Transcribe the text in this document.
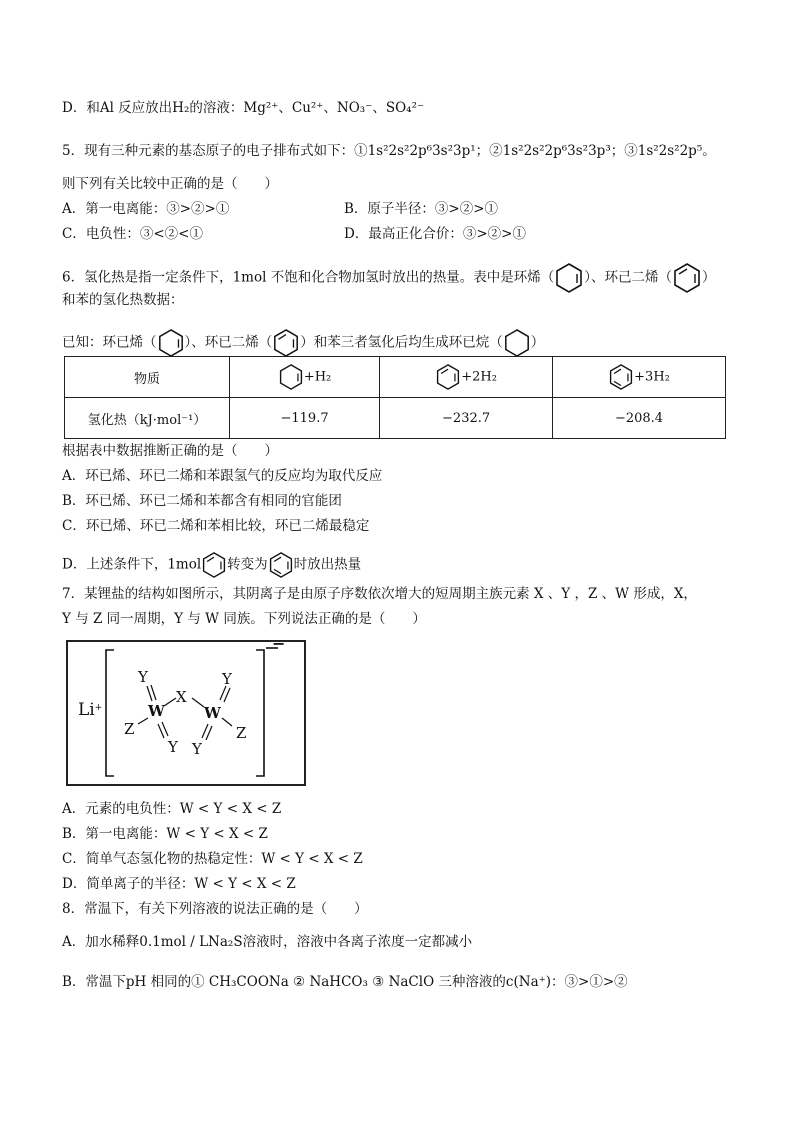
D．和Al 反应放出H₂的溶液：Mg²⁺、Cu²⁺、NO₃⁻、SO₄²⁻
5．现有三种元素的基态原子的电子排布式如下：①1s²2s²2p⁶3s²3p¹；②1s²2s²2p⁶3s²3p³；③1s²2s²2p⁵。
则下列有关比较中正确的是（　　）
A．第一电离能：③>②>①	B．原子半径：③>②>①
C．电负性：③<②<①	D．最高正化合价：③>②>①
6．氢化热是指一定条件下，1mol 不饱和化合物加氢时放出的热量。表中是环烯（ ）、环己二烯（ ）
和苯的氢化热数据：
已知：环已烯（ ）、环已二烯（ ）和苯三者氢化后均生成环已烷（ ）
物质	+H₂	+2H₂	+3H₂
氢化热（kJ·mol⁻¹）	−119.7	−232.7	−208.4
根据表中数据推断正确的是（　　）
A．环已烯、环已二烯和苯跟氢气的反应均为取代反应
B．环已烯、环已二烯和苯都含有相同的官能团
C．环已烯、环已二烯和苯相比较，环已二烯最稳定
D．上述条件下，1mol 转变为 时放出热量
7．某锂盐的结构如图所示，其阴离子是由原子序数依次增大的短周期主族元素 X 、Y ，Z 、W 形成，X，
Y 与 Z 同一周期，Y 与 W 同族。下列说法正确的是（　　）
Li+
−
Y
X
Y
W	W
Z	Z
Y Y
A．元素的电负性：W < Y < X < Z
B．第一电离能：W < Y < X < Z
C．简单气态氢化物的热稳定性：W < Y < X < Z
D．简单离子的半径：W < Y < X < Z
8．常温下，有关下列溶液的说法正确的是（　　）
A．加水稀释0.1mol / LNa₂S溶液时，溶液中各离子浓度一定都减小
B．常温下pH 相同的① CH₃COONa ② NaHCO₃ ③ NaClO 三种溶液的c(Na⁺)：③>①>②
